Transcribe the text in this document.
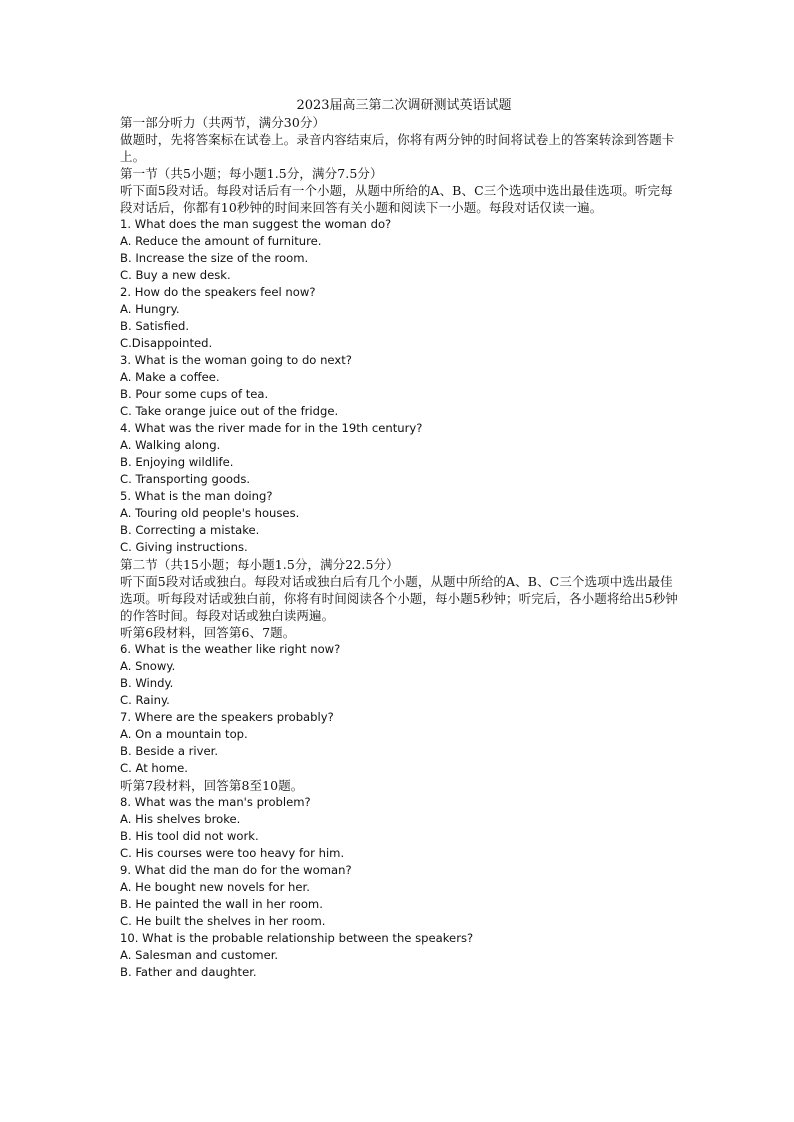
2023届高三第二次调研测试英语试题

第一部分听力（共两节，满分30分）

做题时，先将答案标在试卷上。录音内容结束后，你将有两分钟的时间将试卷上的答案转涂到答题卡上。

第一节（共5小题；每小题1.5分，满分7.5分）

听下面5段对话。每段对话后有一个小题，从题中所给的A、B、C三个选项中选出最佳选项。听完每段对话后，你都有10秒钟的时间来回答有关小题和阅读下一小题。每段对话仅读一遍。

1. What does the man suggest the woman do?

A. Reduce the amount of furniture.

B. Increase the size of the room.

C. Buy a new desk.

2. How do the speakers feel now?

A. Hungry.

B. Satisfied.

C.Disappointed.

3. What is the woman going to do next?

A. Make a coffee.

B. Pour some cups of tea.

C. Take orange juice out of the fridge.

4. What was the river made for in the 19th century?

A. Walking along.

B. Enjoying wildlife.

C. Transporting goods.

5. What is the man doing?

A. Touring old people's houses.

B. Correcting a mistake.

C. Giving instructions.

第二节（共15小题；每小题1.5分，满分22.5分）

听下面5段对话或独白。每段对话或独白后有几个小题，从题中所给的A、B、C三个选项中选出最佳选项。听每段对话或独白前，你将有时间阅读各个小题，每小题5秒钟；听完后，各小题将给出5秒钟的作答时间。每段对话或独白读两遍。

听第6段材料，回答第6、7题。

6. What is the weather like right now?

A. Snowy.

B. Windy.

C. Rainy.

7. Where are the speakers probably?

A. On a mountain top.

B. Beside a river.

C. At home.

听第7段材料，回答第8至10题。

8. What was the man's problem?

A. His shelves broke.

B. His tool did not work.

C. His courses were too heavy for him.

9. What did the man do for the woman?

A. He bought new novels for her.

B. He painted the wall in her room.

C. He built the shelves in her room.

10. What is the probable relationship between the speakers?

A. Salesman and customer.

B. Father and daughter.
